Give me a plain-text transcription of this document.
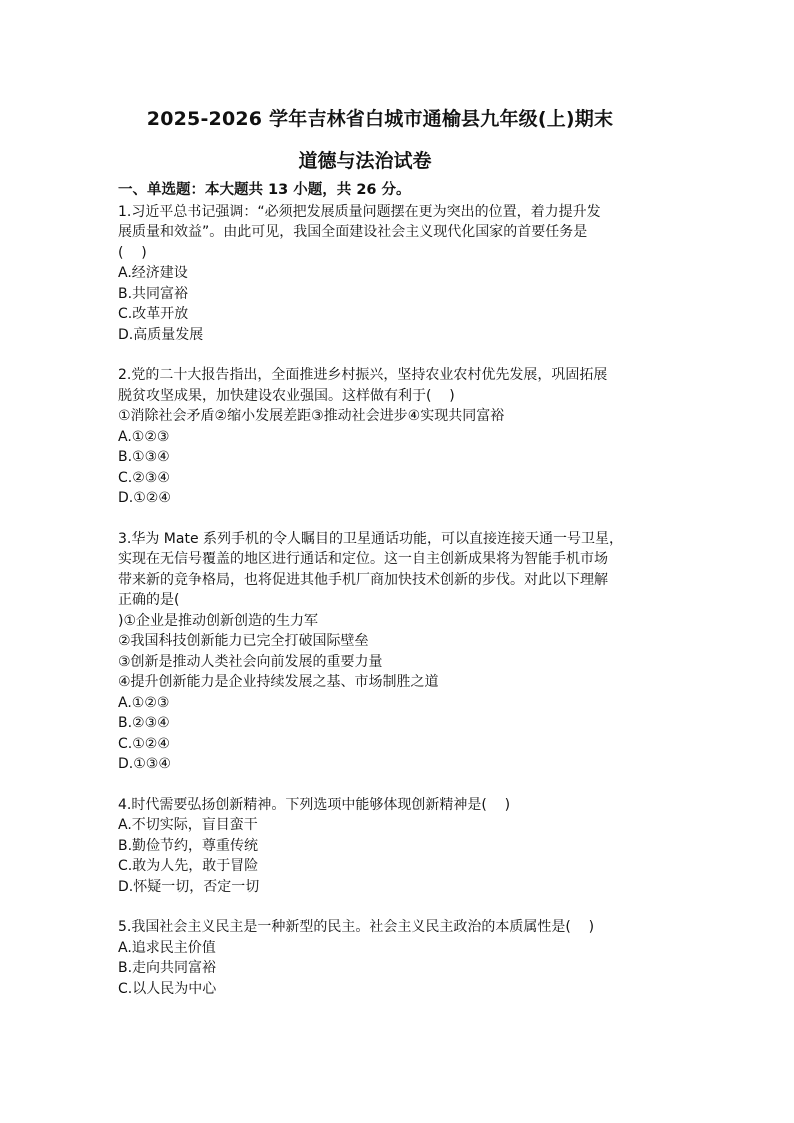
2025-2026 学年吉林省白城市通榆县九年级(上)期末
道德与法治试卷
一、单选题：本大题共 13 小题，共 26 分。
1.习近平总书记强调：“必须把发展质量问题摆在更为突出的位置，着力提升发
展质量和效益”。由此可见，我国全面建设社会主义现代化国家的首要任务是
(    )
A.经济建设
B.共同富裕
C.改革开放
D.高质量发展
2.党的二十大报告指出，全面推进乡村振兴，坚持农业农村优先发展，巩固拓展
脱贫攻坚成果，加快建设农业强国。这样做有利于(    )
①消除社会矛盾②缩小发展差距③推动社会进步④实现共同富裕
A.①②③
B.①③④
C.②③④
D.①②④
3.华为 Mate 系列手机的令人瞩目的卫星通话功能，可以直接连接天通一号卫星，
实现在无信号覆盖的地区进行通话和定位。这一自主创新成果将为智能手机市场
带来新的竞争格局，也将促进其他手机厂商加快技术创新的步伐。对此以下理解
正确的是(
)①企业是推动创新创造的生力军
②我国科技创新能力已完全打破国际壁垒
③创新是推动人类社会向前发展的重要力量
④提升创新能力是企业持续发展之基、市场制胜之道
A.①②③
B.②③④
C.①②④
D.①③④
4.时代需要弘扬创新精神。下列选项中能够体现创新精神是(    )
A.不切实际，盲目蛮干
B.勤俭节约，尊重传统
C.敢为人先，敢于冒险
D.怀疑一切，否定一切
5.我国社会主义民主是一种新型的民主。社会主义民主政治的本质属性是(    )
A.追求民主价值
B.走向共同富裕
C.以人民为中心
